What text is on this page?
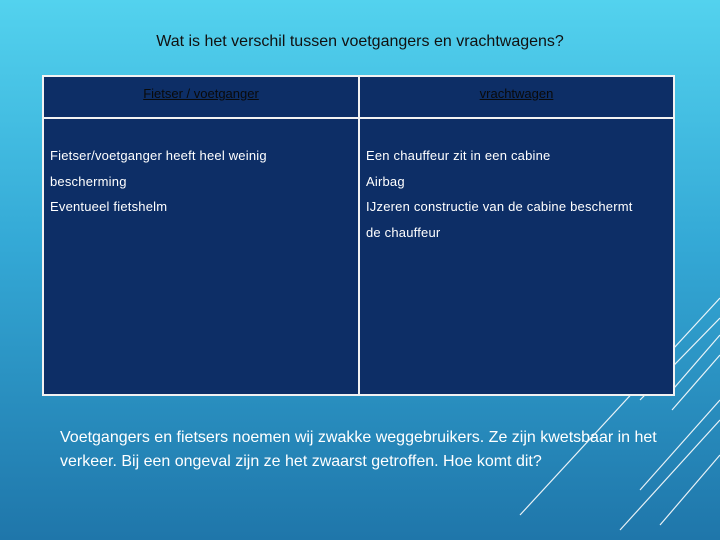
Wat is het verschil tussen voetgangers en vrachtwagens?
Fietser / voetganger	vrachtwagen
Fietser/voetganger heeft heel weinig
bescherming
Eventueel fietshelm
Een chauffeur zit in een cabine
Airbag
IJzeren constructie van de cabine beschermt
de chauffeur

Voetgangers en fietsers noemen wij zwakke weggebruikers. Ze zijn kwetsbaar in het verkeer. Bij een ongeval zijn ze het zwaarst getroffen. Hoe komt dit?
